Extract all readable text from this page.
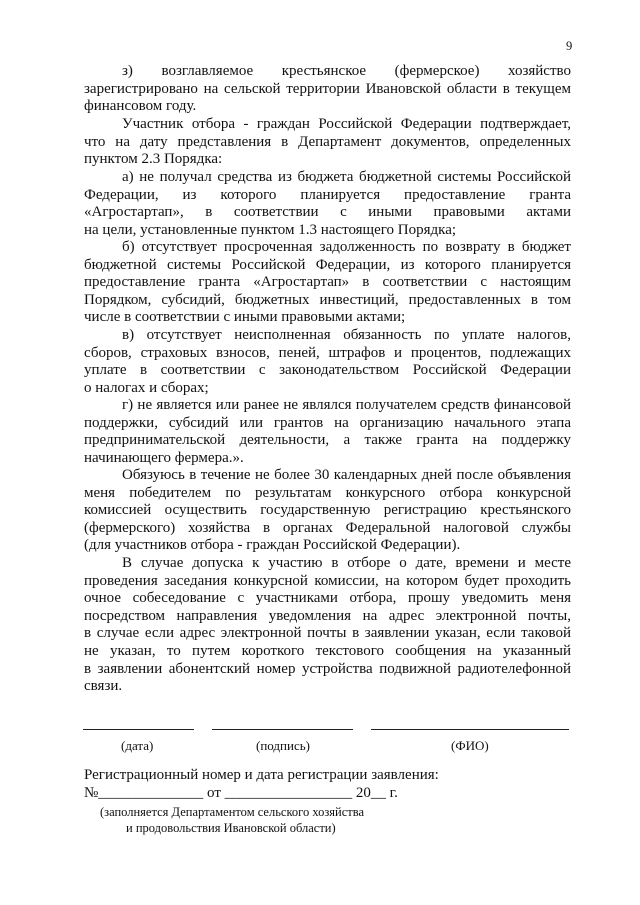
9
з) возглавляемое крестьянское (фермерское) хозяйство
зарегистрировано на сельской территории Ивановской области в текущем
финансовом году.
Участник отбора - граждан Российской Федерации подтверждает,
что на дату представления в Департамент документов, определенных
пунктом 2.3 Порядка:
а) не получал средства из бюджета бюджетной системы Российской
Федерации, из которого планируется предоставление гранта
«Агростартап», в соответствии с иными правовыми актами
на цели, установленные пунктом 1.3 настоящего Порядка;
б) отсутствует просроченная задолженность по возврату в бюджет
бюджетной системы Российской Федерации, из которого планируется
предоставление гранта «Агростартап» в соответствии с настоящим
Порядком, субсидий, бюджетных инвестиций, предоставленных в том
числе в соответствии с иными правовыми актами;
в) отсутствует неисполненная обязанность по уплате налогов,
сборов, страховых взносов, пеней, штрафов и процентов, подлежащих
уплате в соответствии с законодательством Российской Федерации
о налогах и сборах;
г) не является или ранее не являлся получателем средств финансовой
поддержки, субсидий или грантов на организацию начального этапа
предпринимательской деятельности, а также гранта на поддержку
начинающего фермера.».
Обязуюсь в течение не более 30 календарных дней после объявления
меня победителем по результатам конкурсного отбора конкурсной
комиссией осуществить государственную регистрацию крестьянского
(фермерского) хозяйства в органах Федеральной налоговой службы
(для участников отбора - граждан Российской Федерации).
В случае допуска к участию в отборе о дате, времени и месте
проведения заседания конкурсной комиссии, на котором будет проходить
очное собеседование с участниками отбора, прошу уведомить меня
посредством направления уведомления на адрес электронной почты,
в случае если адрес электронной почты в заявлении указан, если таковой
не указан, то путем короткого текстового сообщения на указанный
в заявлении абонентский номер устройства подвижной радиотелефонной
связи.
(дата)	(подпись)	(ФИО)
Регистрационный номер и дата регистрации заявления:
№______________ от _________________ 20__ г.
(заполняется Департаментом сельского хозяйства
и продовольствия Ивановской области)
